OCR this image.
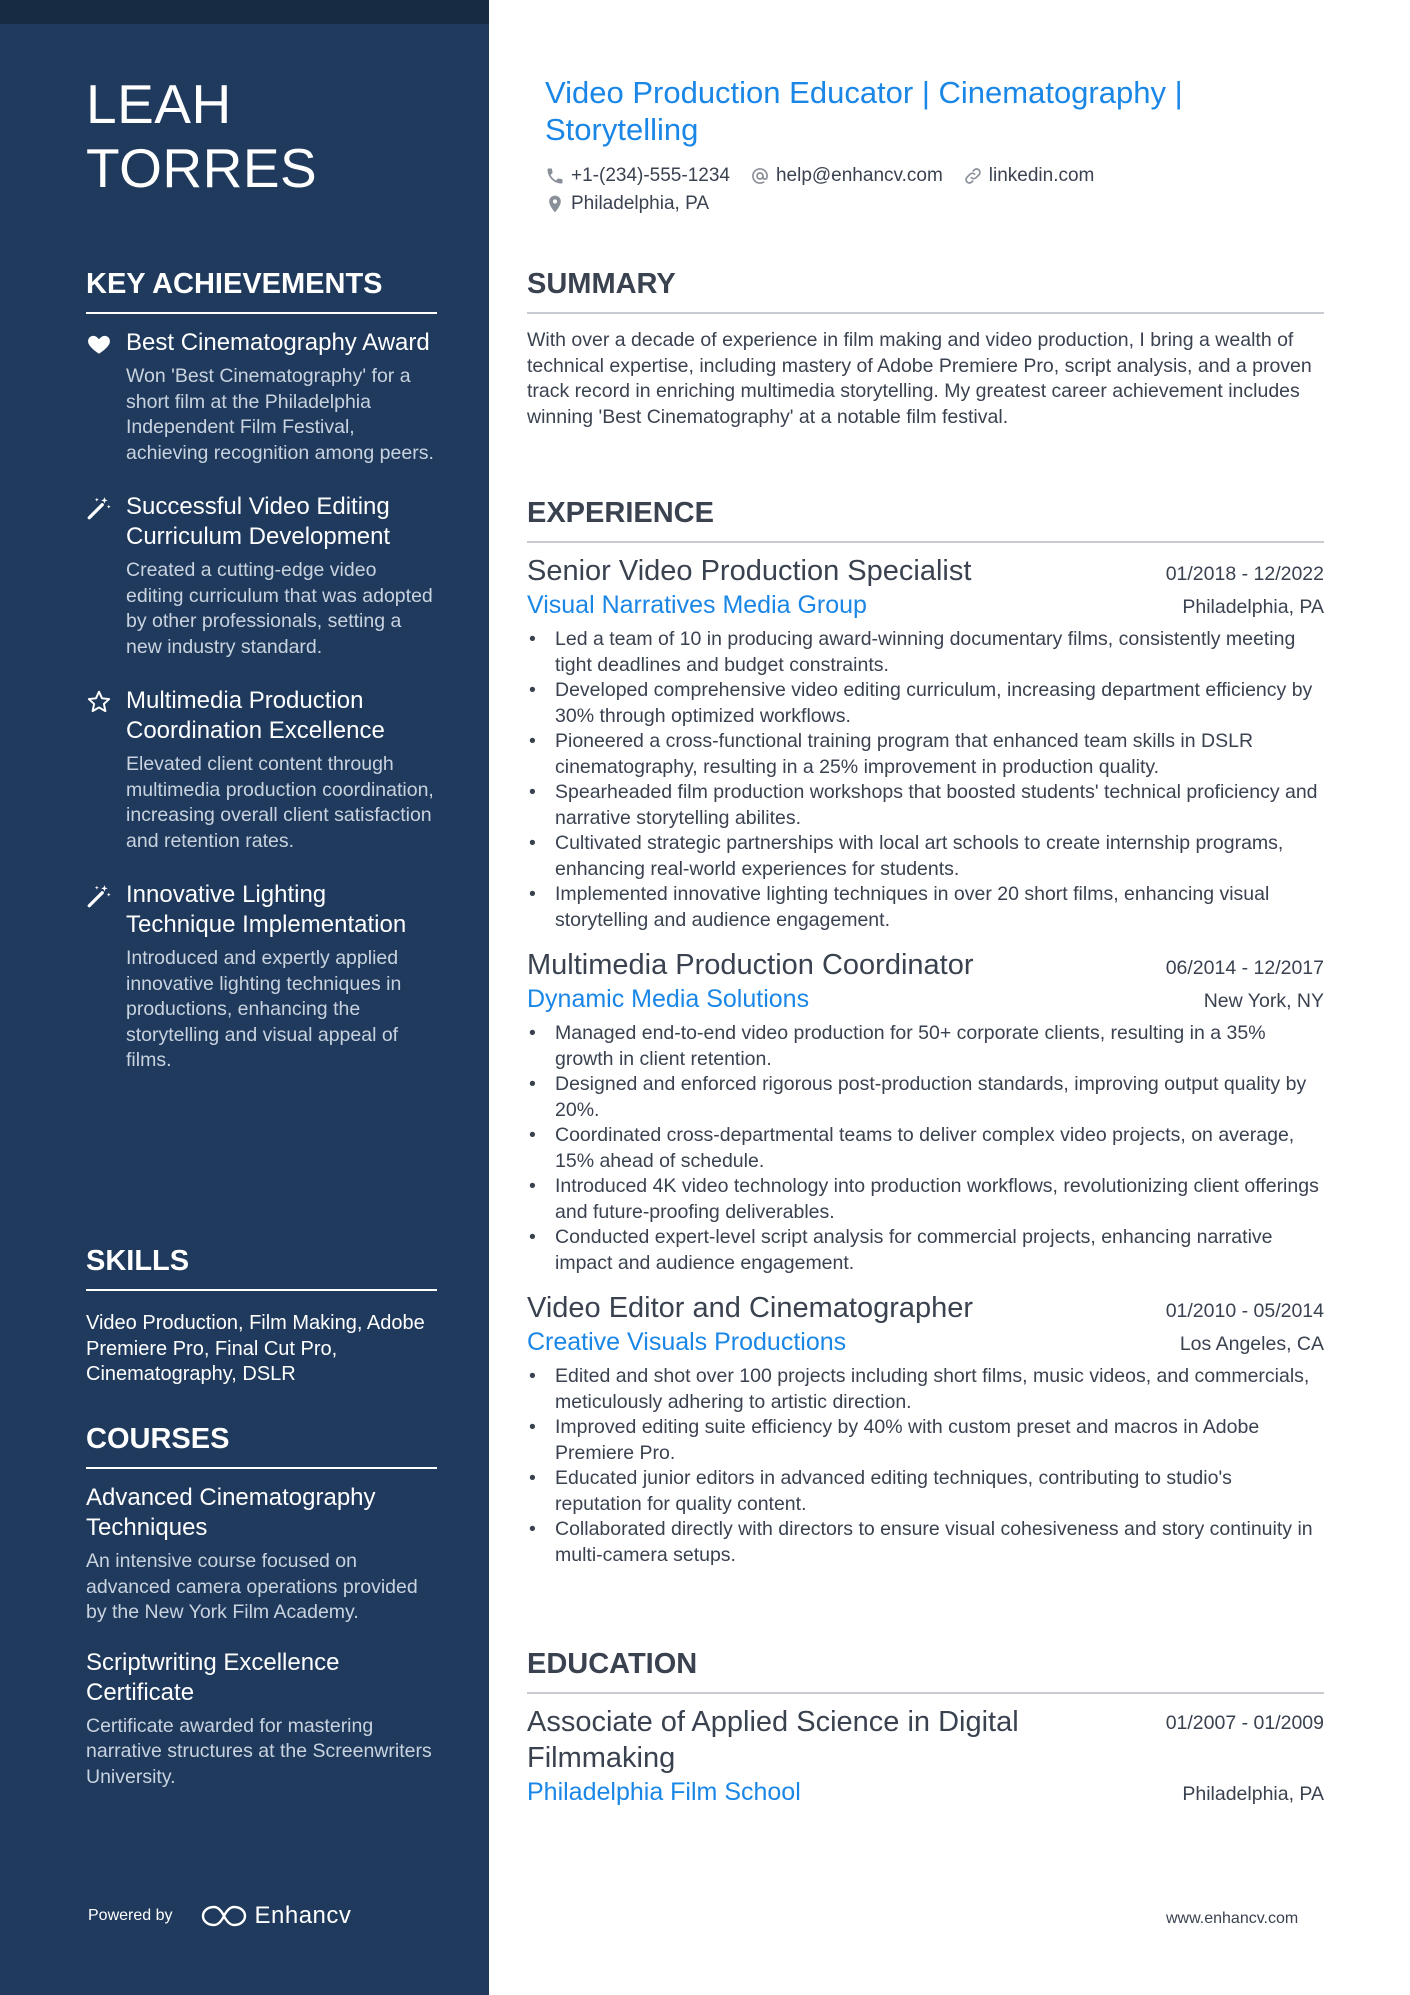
LEAH TORRES
KEY ACHIEVEMENTS
Best Cinematography Award
Won 'Best Cinematography' for a short film at the Philadelphia Independent Film Festival, achieving recognition among peers.
Successful Video Editing Curriculum Development
Created a cutting-edge video editing curriculum that was adopted by other professionals, setting a new industry standard.
Multimedia Production Coordination Excellence
Elevated client content through multimedia production coordination, increasing overall client satisfaction and retention rates.
Innovative Lighting Technique Implementation
Introduced and expertly applied innovative lighting techniques in productions, enhancing the storytelling and visual appeal of films.
SKILLS
Video Production, Film Making, Adobe Premiere Pro, Final Cut Pro, Cinematography, DSLR
COURSES
Advanced Cinematography Techniques
An intensive course focused on advanced camera operations provided by the New York Film Academy.
Scriptwriting Excellence Certificate
Certificate awarded for mastering narrative structures at the Screenwriters University.
Powered by	Enhancv
Video Production Educator | Cinematography | Storytelling
+1-(234)-555-1234 help@enhancv.com linkedin.com
Philadelphia, PA
SUMMARY
With over a decade of experience in film making and video production, I bring a wealth of technical expertise, including mastery of Adobe Premiere Pro, script analysis, and a proven track record in enriching multimedia storytelling. My greatest career achievement includes winning 'Best Cinematography' at a notable film festival.
EXPERIENCE
Senior Video Production Specialist	01/2018 - 12/2022
Visual Narratives Media Group	Philadelphia, PA
• Led a team of 10 in producing award-winning documentary films, consistently meeting tight deadlines and budget constraints.
• Developed comprehensive video editing curriculum, increasing department efficiency by 30% through optimized workflows.
• Pioneered a cross-functional training program that enhanced team skills in DSLR cinematography, resulting in a 25% improvement in production quality.
• Spearheaded film production workshops that boosted students' technical proficiency and narrative storytelling abilites.
• Cultivated strategic partnerships with local art schools to create internship programs, enhancing real-world experiences for students.
• Implemented innovative lighting techniques in over 20 short films, enhancing visual storytelling and audience engagement.
Multimedia Production Coordinator	06/2014 - 12/2017
Dynamic Media Solutions	New York, NY
• Managed end-to-end video production for 50+ corporate clients, resulting in a 35% growth in client retention.
• Designed and enforced rigorous post-production standards, improving output quality by 20%.
• Coordinated cross-departmental teams to deliver complex video projects, on average, 15% ahead of schedule.
• Introduced 4K video technology into production workflows, revolutionizing client offerings and future-proofing deliverables.
• Conducted expert-level script analysis for commercial projects, enhancing narrative impact and audience engagement.
Video Editor and Cinematographer	01/2010 - 05/2014
Creative Visuals Productions	Los Angeles, CA
• Edited and shot over 100 projects including short films, music videos, and commercials, meticulously adhering to artistic direction.
• Improved editing suite efficiency by 40% with custom preset and macros in Adobe Premiere Pro.
• Educated junior editors in advanced editing techniques, contributing to studio's reputation for quality content.
• Collaborated directly with directors to ensure visual cohesiveness and story continuity in multi-camera setups.
EDUCATION
Associate of Applied Science in Digital Filmmaking
01/2007 - 01/2009
Philadelphia Film School	Philadelphia, PA
www.enhancv.com
